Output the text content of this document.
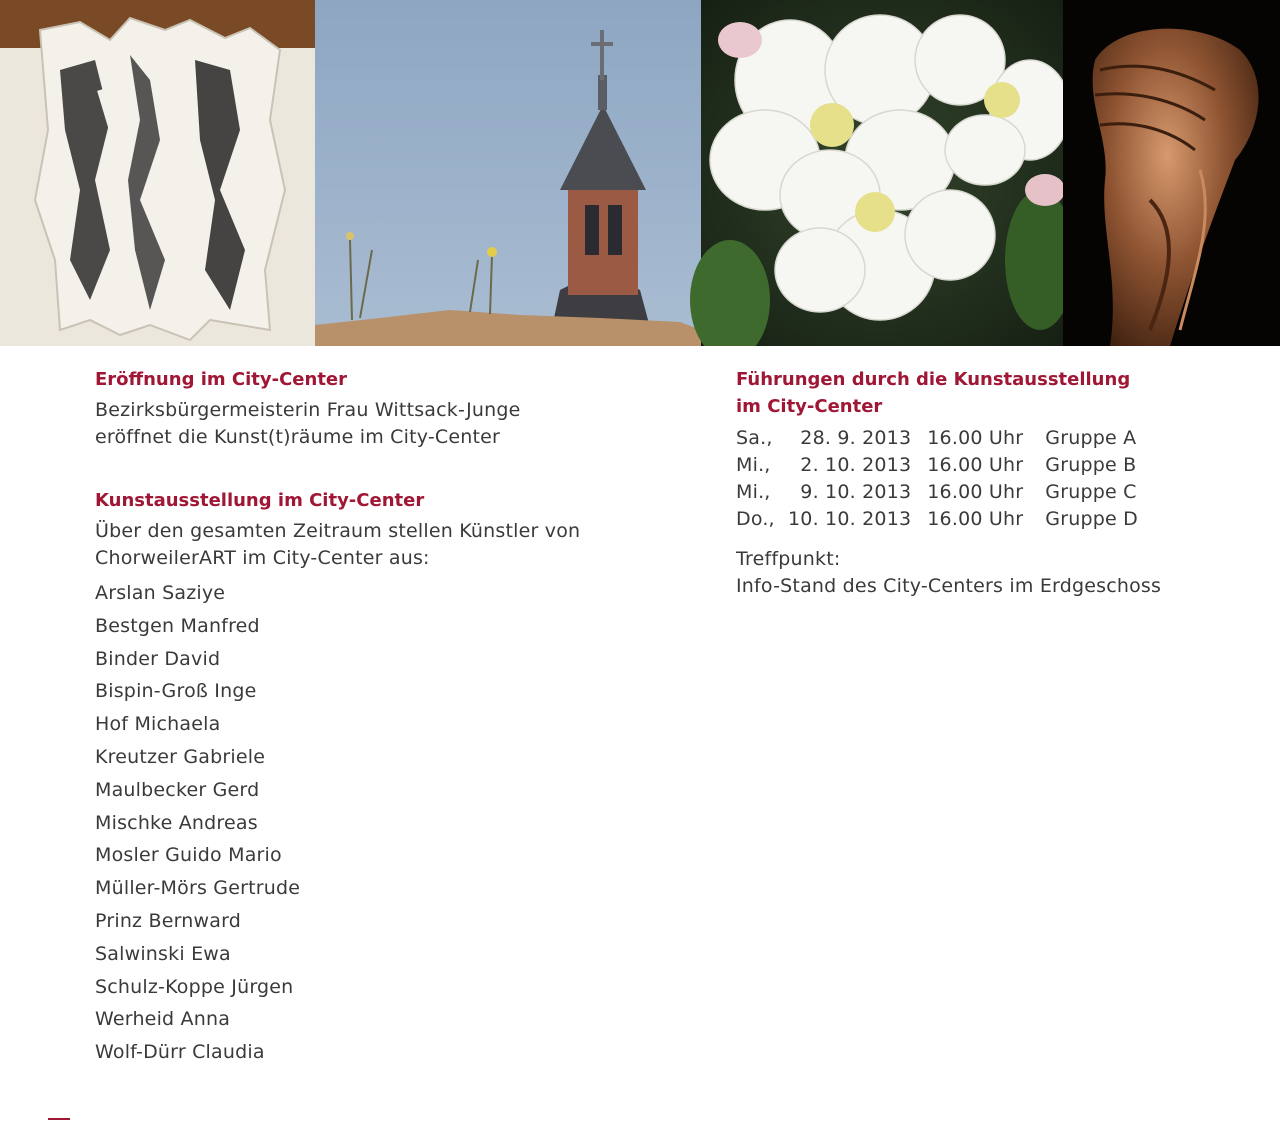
Eröffnung im City-Center

Bezirksbürgermeisterin Frau Wittsack-Junge
eröffnet die Kunst(t)räume im City-Center

Kunstausstellung im City-Center

Über den gesamten Zeitraum stellen Künstler von
ChorweilerART im City-Center aus:

Arslan Saziye
Bestgen Manfred
Binder David
Bispin-Groß Inge
Hof Michaela
Kreutzer Gabriele
Maulbecker Gerd
Mischke Andreas
Mosler Guido Mario
Müller-Mörs Gertrude
Prinz Bernward
Salwinski Ewa
Schulz-Koppe Jürgen
Werheid Anna
Wolf-Dürr Claudia
Führungen durch die Kunstausstellung
im City-Center
Sa.,	28. 9. 2013	16.00 Uhr	Gruppe A
Mi.,	2. 10. 2013	16.00 Uhr	Gruppe B
Mi.,	9. 10. 2013	16.00 Uhr	Gruppe C
Do.,	10. 10. 2013	16.00 Uhr	Gruppe D

Treffpunkt:
Info-Stand des City-Centers im Erdgeschoss
